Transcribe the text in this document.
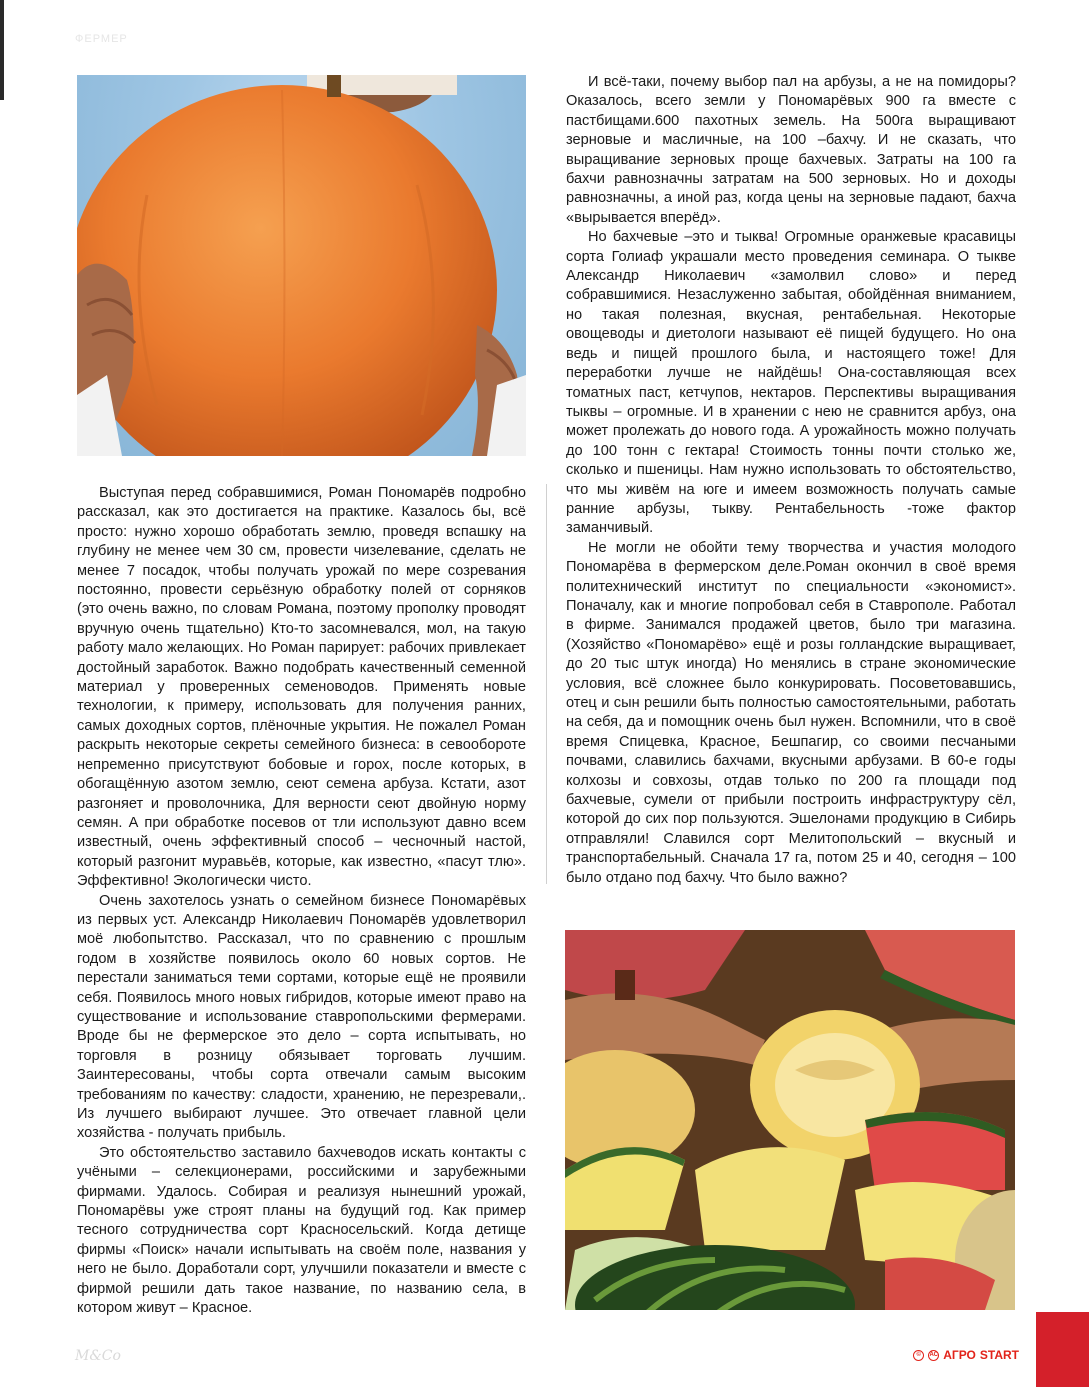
ФЕРМЕР

Выступая перед собравшимися, Роман Пономарёв подробно рассказал, как это достигается на практике. Казалось бы, всё просто: нужно хорошо обработать землю, проведя вспашку на глубину не менее чем 30 см, провести чизелевание, сделать не менее 7 посадок, чтобы получать урожай по мере созревания постоянно, провести серьёзную обработку полей от сорняков (это очень важно, по словам Романа, поэтому прополку проводят вручную очень тщательно) Кто-то засомневался, мол, на такую работу мало желающих. Но Роман парирует: рабочих привлекает достойный заработок. Важно подобрать качественный семенной материал у проверенных семеноводов. Применять новые технологии, к примеру, использовать для получения ранних, самых доходных сортов, плёночные укрытия. Не пожалел Роман раскрыть некоторые секреты семейного бизнеса: в севообороте непременно присутствуют бобовые и горох, после которых, в обогащённую азотом землю, сеют семена арбуза. Кстати, азот разгоняет и проволочника, Для верности сеют двойную норму семян. А при обработке посевов от тли используют давно всем известный, очень эффективный способ – чесночный настой, который разгонит муравьёв, которые, как известно, «пасут тлю». Эффективно! Экологически чисто.

Очень захотелось узнать о семейном бизнесе Пономарёвых из первых уст. Александр Николаевич Пономарёв удовлетворил моё любопытство. Рассказал, что по сравнению с прошлым годом в хозяйстве появилось около 60 новых сортов. Не перестали заниматься теми сортами, которые ещё не проявили себя. Появилось много новых гибридов, которые имеют право на существование и использование ставропольскими фермерами. Вроде бы не фермерское это дело – сорта испытывать, но торговля в розницу обязывает торговать лучшим. Заинтересованы, чтобы сорта отвечали самым высоким требованиям по качеству: сладости, хранению, не перезревали,. Из лучшего выбирают лучшее. Это отвечает главной цели хозяйства - получать прибыль.

Это обстоятельство заставило бахчеводов искать контакты с учёными – селекционерами, российскими и зарубежными фирмами. Удалось. Собирая и реализуя нынешний урожай, Пономарёвы уже строят планы на будущий год. Как пример тесного сотрудничества сорт Красносельский. Когда детище фирмы «Поиск» начали испытывать на своём поле, названия у него не было. Доработали сорт, улучшили показатели и вместе с фирмой решили дать такое название, по названию села, в котором живут – Красное.

И всё-таки, почему выбор пал на арбузы, а не на помидоры? Оказалось, всего земли у Пономарёвых 900 га вместе с пастбищами.600 пахотных земель. На 500га выращивают зерновые и масличные, на 100 –бахчу. И не сказать, что выращивание зерновых проще бахчевых. Затраты на 100 га бахчи равнозначны затратам на 500 зерновых. Но и доходы равнозначны, а иной раз, когда цены на зерновые падают, бахча «вырывается вперёд».

Но бахчевые –это и тыква! Огромные оранжевые красавицы сорта Голиаф украшали место проведения семинара. О тыкве Александр Николаевич «замолвил слово» и перед собравшимися. Незаслуженно забытая, обойдённая вниманием, но такая полезная, вкусная, рентабельная. Некоторые овощеводы и диетологи называют её пищей будущего. Но она ведь и пищей прошлого была, и настоящего тоже! Для переработки лучше не найдёшь! Она-составляющая всех томатных паст, кетчупов, нектаров. Перспективы выращивания тыквы – огромные. И в хранении с нею не сравнится арбуз, она может пролежать до нового года. А урожайность можно получать до 100 тонн с гектара! Стоимость тонны почти столько же, сколько и пшеницы. Нам нужно использовать то обстоятельство, что мы живём на юге и имеем возможность получать самые ранние арбузы, тыкву. Рентабельность -тоже фактор заманчивый.

Не могли не обойти тему творчества и участия молодого Пономарёва в фермерском деле.Роман окончил в своё время политехнический институт по специальности «экономист». Поначалу, как и многие попробовал себя в Ставрополе. Работал в фирме. Занимался продажей цветов, было три магазина. (Хозяйство «Пономарёво» ещё и розы голландские выращивает, до 20 тыс штук иногда) Но менялись в стране экономические условия, всё сложнее было конкурировать. Посоветовавшись, отец и сын решили быть полностью самостоятельными, работать на себя, да и помощник очень был нужен. Вспомнили, что в своё время Спицевка, Красное, Бешпагир, со своими песчаными почвами, славились бахчами, вкусными арбузами. В 60-е годы колхозы и совхозы, отдав только по 200 га площади под бахчевые, сумели от прибыли построить инфраструктуру сёл, которой до сих пор пользуются. Эшелонами продукцию в Сибирь отправляли! Славился сорт Мелитопольский – вкусный и транспортабельный. Сначала 17 га, потом 25 и 40, сегодня – 100 было отдано под бахчу. Что было важно?

М&Со	©	АС АГРО START
